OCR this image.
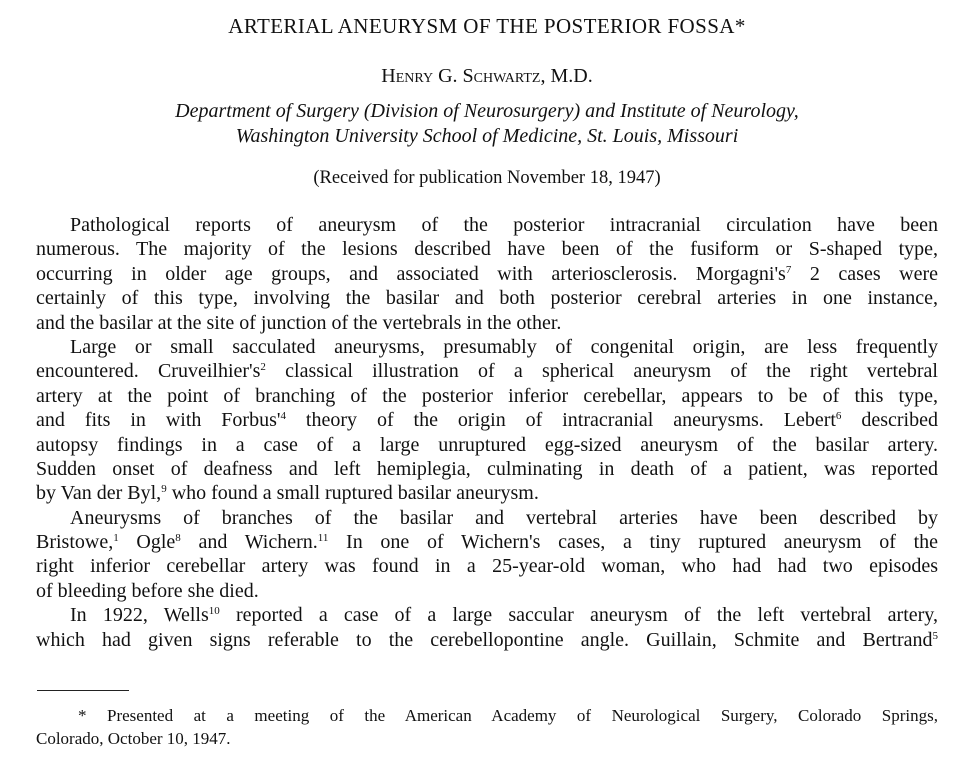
ARTERIAL ANEURYSM OF THE POSTERIOR FOSSA*
Henry G. Schwartz, M.D.
Department of Surgery (Division of Neurosurgery) and Institute of Neurology,
Washington University School of Medicine, St. Louis, Missouri
(Received for publication November 18, 1947)
Pathological reports of aneurysm of the posterior intracranial circulation have been
numerous. The majority of the lesions described have been of the fusiform or S-shaped type,
occurring in older age groups, and associated with arteriosclerosis. $Morgagni's^7$ 2 cases were
certainly of this type, involving the basilar and both posterior cerebral arteries in one instance,
and the basilar at the site of junction of the vertebrals in the other.
Large or small sacculated aneurysms, presumably of congenital origin, are less frequently
encountered. $Cruveilhier's^2$ classical illustration of a spherical aneurysm of the right vertebral
artery at the point of branching of the posterior inferior cerebellar, appears to be of this type,
and fits in with $Forbus'^4$ theory of the origin of intracranial aneurysms. Lebert$^6$ described
autopsy findings in a case of a large unruptured egg-sized aneurysm of the basilar artery.
Sudden onset of deafness and left hemiplegia, culminating in death of a patient, was reported
by Van der Byl,$^9$ who found a small ruptured basilar aneurysm.
Aneurysms of branches of the basilar and vertebral arteries have been described by
Bristowe,$^1$ Ogle$^8$ and Wichern.$^{11}$ In one of Wichern's cases, a tiny ruptured aneurysm of the
right inferior cerebellar artery was found in a 25-year-old woman, who had had two episodes
of bleeding before she died.
In 1922, Wells$^{10}$ reported a case of a large saccular aneurysm of the left vertebral artery,
which had given signs referable to the cerebellopontine angle. Guillain, Schmite and Bertrand$^5$
* Presented at a meeting of the American Academy of Neurological Surgery, Colorado Springs,
Colorado, October 10, 1947.
